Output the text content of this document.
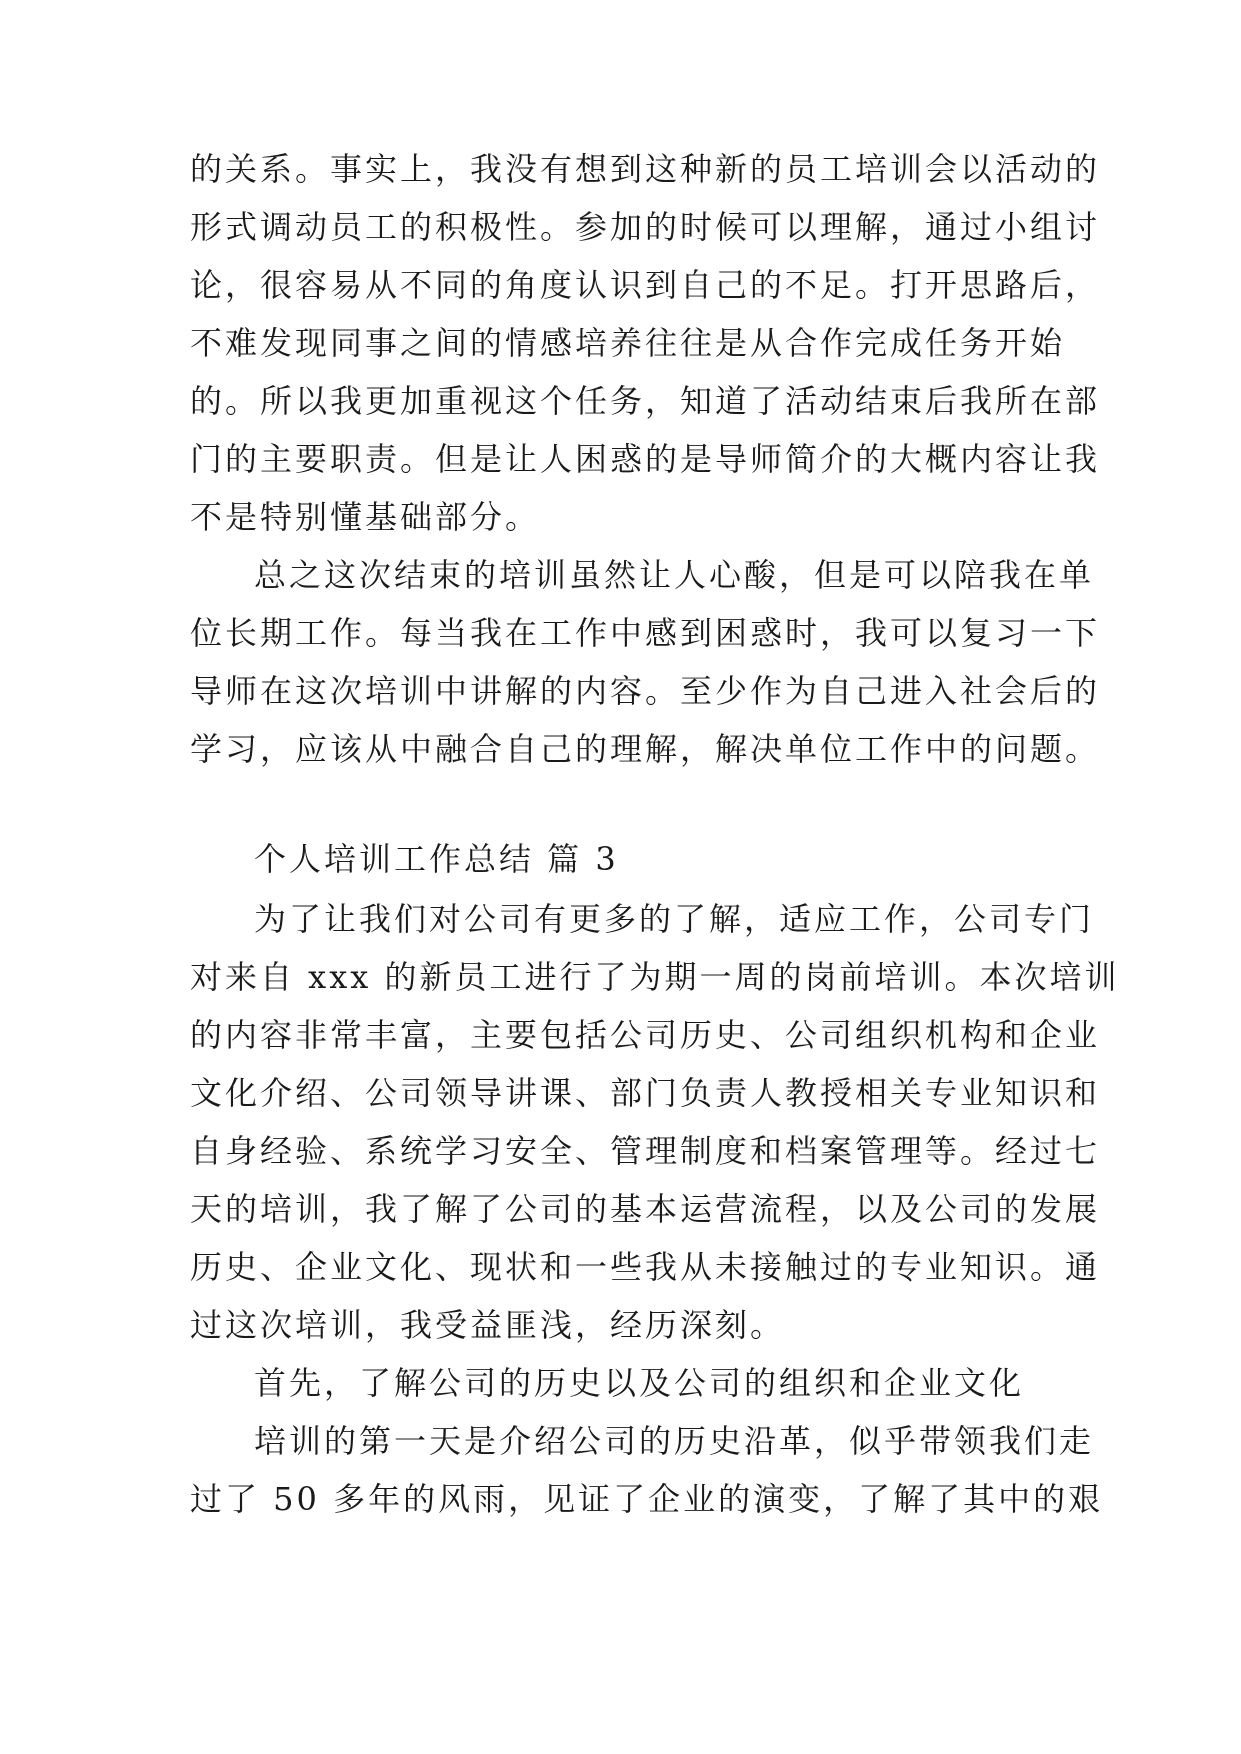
的关系。事实上，我没有想到这种新的员工培训会以活动的
形式调动员工的积极性。参加的时候可以理解，通过小组讨
论，很容易从不同的角度认识到自己的不足。打开思路后，
不难发现同事之间的情感培养往往是从合作完成任务开始
的。所以我更加重视这个任务，知道了活动结束后我所在部
门的主要职责。但是让人困惑的是导师简介的大概内容让我
不是特别懂基础部分。
总之这次结束的培训虽然让人心酸，但是可以陪我在单
位长期工作。每当我在工作中感到困惑时，我可以复习一下
导师在这次培训中讲解的内容。至少作为自己进入社会后的
学习，应该从中融合自己的理解，解决单位工作中的问题。
个人培训工作总结 篇 3
为了让我们对公司有更多的了解，适应工作，公司专门
对来自 xxx 的新员工进行了为期一周的岗前培训。本次培训
的内容非常丰富，主要包括公司历史、公司组织机构和企业
文化介绍、公司领导讲课、部门负责人教授相关专业知识和
自身经验、系统学习安全、管理制度和档案管理等。经过七
天的培训，我了解了公司的基本运营流程，以及公司的发展
历史、企业文化、现状和一些我从未接触过的专业知识。通
过这次培训，我受益匪浅，经历深刻。
首先，了解公司的历史以及公司的组织和企业文化
培训的第一天是介绍公司的历史沿革，似乎带领我们走
过了 50 多年的风雨，见证了企业的演变，了解了其中的艰
